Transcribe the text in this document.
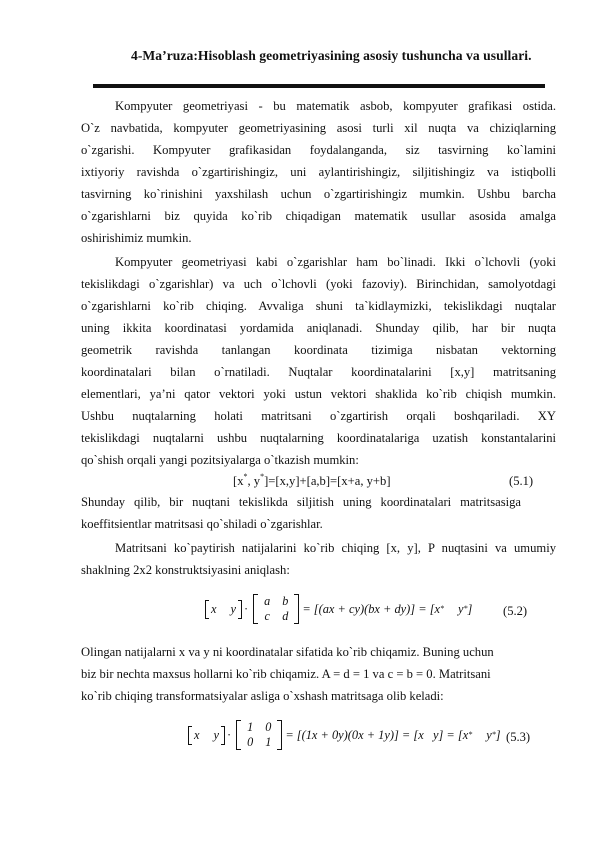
4-Ma’ruza:Hisoblash geometriyasining asosiy tushuncha va usullari.
Kompyuter geometriyasi - bu matematik asbob, kompyuter grafikasi ostida.
O`z navbatida, kompyuter geometriyasining asosi turli xil nuqta va chiziqlarning
o`zgarishi. Kompyuter grafikasidan foydalanganda, siz tasvirning ko`lamini
ixtiyoriy ravishda o`zgartirishingiz, uni aylantirishingiz, siljitishingiz va istiqbolli
tasvirning ko`rinishini yaxshilash uchun o`zgartirishingiz mumkin. Ushbu barcha
o`zgarishlarni biz quyida ko`rib chiqadigan matematik usullar asosida amalga
oshirishimiz mumkin.
Kompyuter geometriyasi kabi o`zgarishlar ham bo`linadi. Ikki o`lchovli (yoki
tekislikdagi o`zgarishlar) va uch o`lchovli (yoki fazoviy). Birinchidan, samolyotdagi
o`zgarishlarni ko`rib chiqing. Avvaliga shuni ta`kidlaymizki, tekislikdagi nuqtalar
uning ikkita koordinatasi yordamida aniqlanadi. Shunday qilib, har bir nuqta
geometrik ravishda tanlangan koordinata tizimiga nisbatan vektorning
koordinatalari bilan o`rnatiladi. Nuqtalar koordinatalarini [x,y] matritsaning
elementlari, ya’ni qator vektori yoki ustun vektori shaklida ko`rib chiqish mumkin.
Ushbu nuqtalarning holati matritsani o`zgartirish orqali boshqariladi. XY
tekislikdagi nuqtalarni ushbu nuqtalarning koordinatalariga uzatish konstantalarini
qo`shish orqali yangi pozitsiyalarga o`tkazish mumkin:
[x*, y*]=[x,y]+[a,b]=[x+a, y+b]	(5.1)
Shunday qilib, bir nuqtani tekislikda siljitish uning koordinatalari matritsasiga
koeffitsientlar matritsasi qo`shiladi o`zgarishlar.
Matritsani ko`paytirish natijalarini ko`rib chiqing [x, y], P nuqtasini va umumiy
shaklning 2x2 konstruktsiyasini aniqlash:
x y ·
a	b
c	d
= [(ax + cy)(bx + dy)] = [x * y * ] (5.2)
Olingan natijalarni x va y ni koordinatalar sifatida ko`rib chiqamiz. Buning uchun
biz bir nechta maxsus hollarni ko`rib chiqamiz. A = d = 1 va c = b = 0. Matritsani
ko`rib chiqing transformatsiyalar asliga o`xshash matritsaga olib keladi:
x y ·
1	0
0	1
= [(1x + 0y)(0x + 1y)] = [x   y] = [x * y * ] (5.3)
